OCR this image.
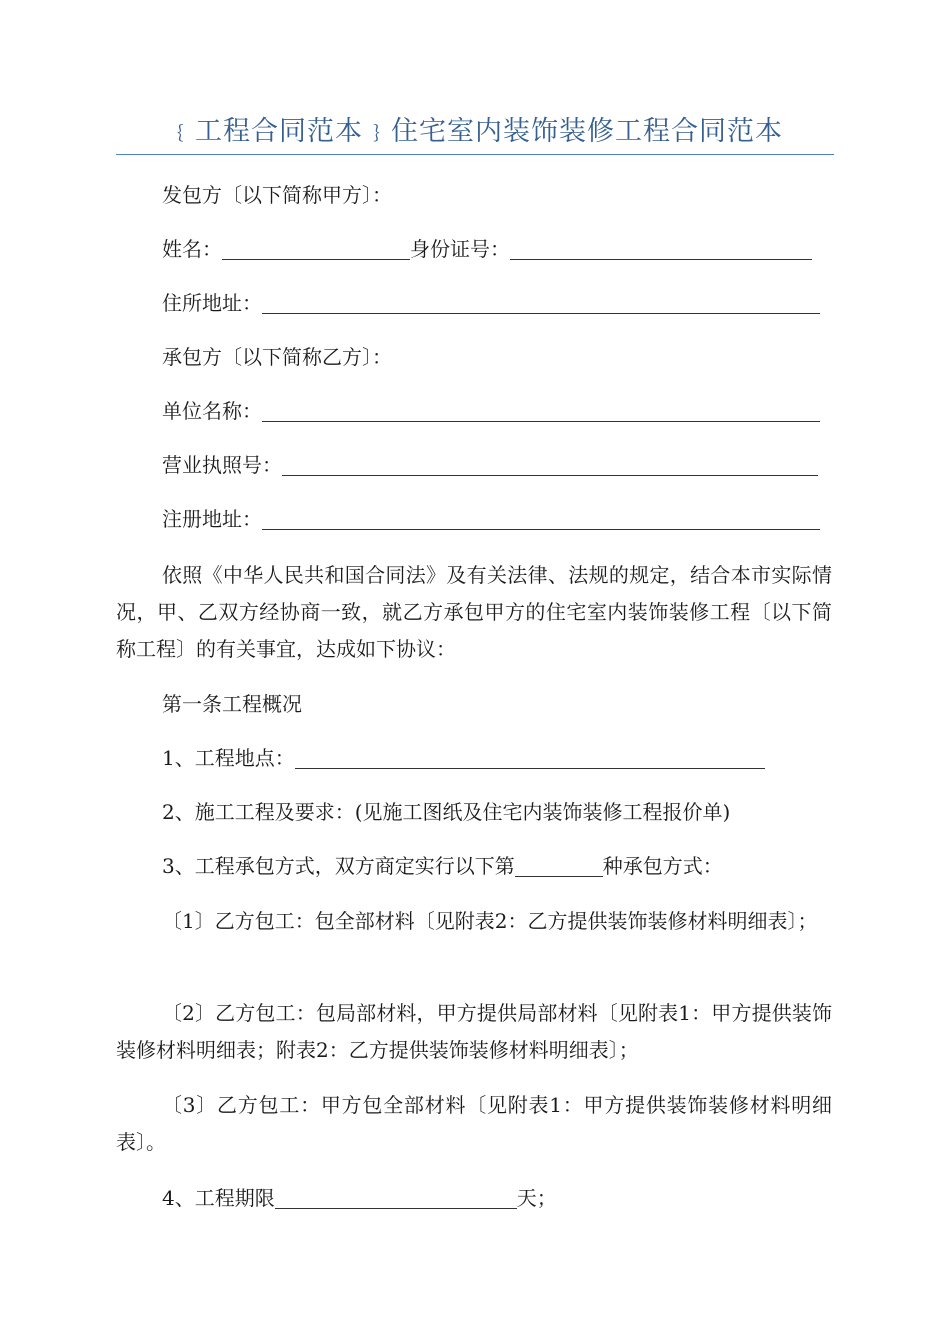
﹛工程合同范本﹜住宅室内装饰装修工程合同范本
发包方〔以下简称甲方〕：
姓名：	身份证号：
住所地址：
承包方〔以下简称乙方〕：
单位名称：
营业执照号：
注册地址：
依照《中华人民共和国合同法》及有关法律、法规的规定，结合本市实际情况，甲、乙双方经协商一致，就乙方承包甲方的住宅室内装饰装修工程〔以下简称工程〕的有关事宜，达成如下协议：
第一条工程概况
1、工程地点：
2、施工工程及要求：(见施工图纸及住宅内装饰装修工程报价单)
3、工程承包方式，双方商定实行以下第	种承包方式：
〔1〕乙方包工：包全部材料〔见附表2：乙方提供装饰装修材料明细表〕；
〔2〕乙方包工：包局部材料，甲方提供局部材料〔见附表1：甲方提供装饰装修材料明细表；附表2：乙方提供装饰装修材料明细表〕；
〔3〕乙方包工：甲方包全部材料〔见附表1：甲方提供装饰装修材料明细表〕。
4、工程期限	天；
